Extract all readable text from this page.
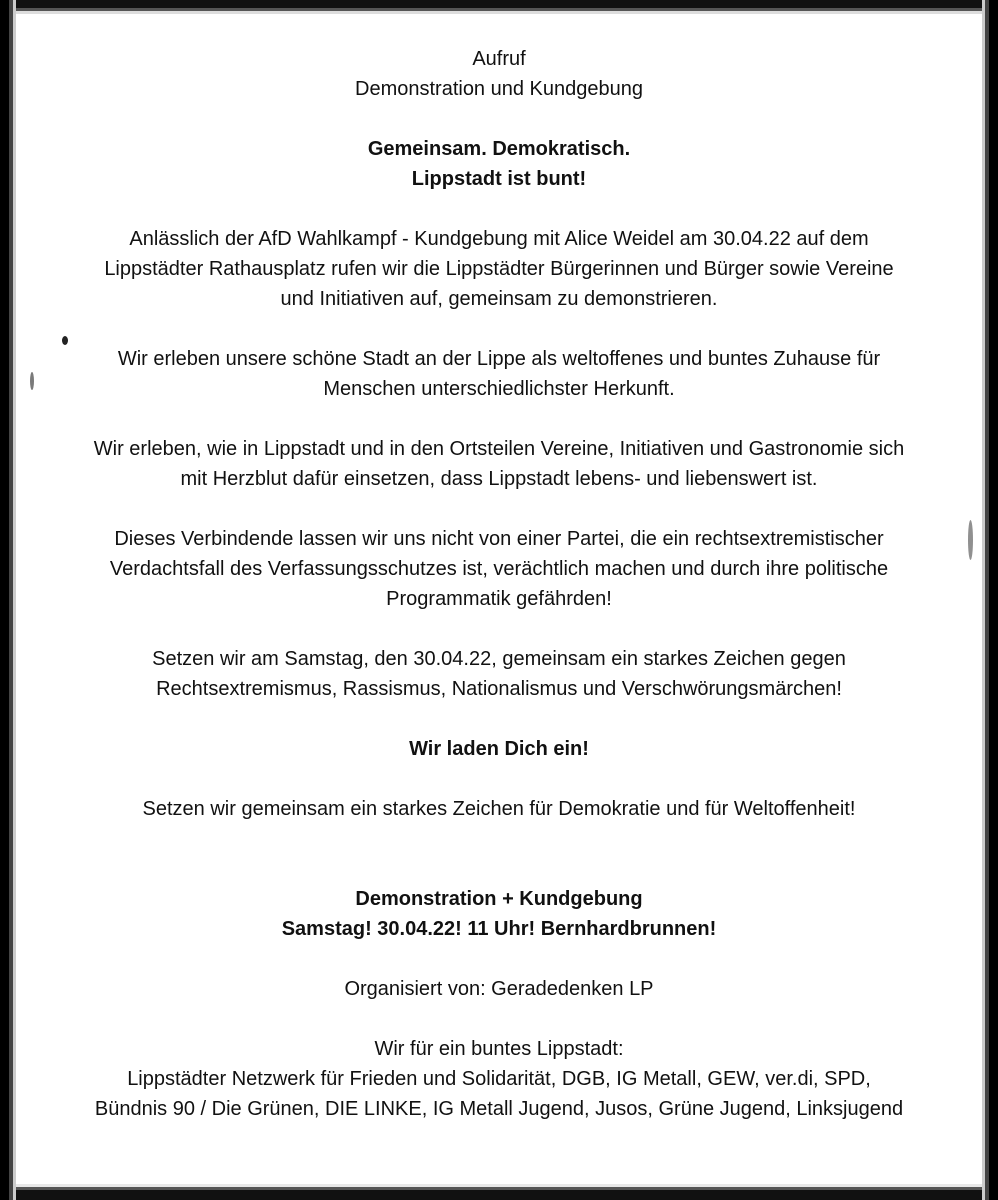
Aufruf

Demonstration und Kundgebung

Gemeinsam. Demokratisch.

Lippstadt ist bunt!

Anlässlich der AfD Wahlkampf - Kundgebung mit Alice Weidel am 30.04.22 auf dem

Lippstädter Rathausplatz rufen wir die Lippstädter Bürgerinnen und Bürger sowie Vereine

und Initiativen auf, gemeinsam zu demonstrieren.

Wir erleben unsere schöne Stadt an der Lippe als weltoffenes und buntes Zuhause für

Menschen unterschiedlichster Herkunft.

Wir erleben, wie in Lippstadt und in den Ortsteilen Vereine, Initiativen und Gastronomie sich

mit Herzblut dafür einsetzen, dass Lippstadt lebens- und liebenswert ist.

Dieses Verbindende lassen wir uns nicht von einer Partei, die ein rechtsextremistischer

Verdachtsfall des Verfassungsschutzes ist, verächtlich machen und durch ihre politische

Programmatik gefährden!

Setzen wir am Samstag, den 30.04.22, gemeinsam ein starkes Zeichen gegen

Rechtsextremismus, Rassismus, Nationalismus und Verschwörungsmärchen!

Wir laden Dich ein!

Setzen wir gemeinsam ein starkes Zeichen für Demokratie und für Weltoffenheit!

Demonstration + Kundgebung

Samstag! 30.04.22! 11 Uhr! Bernhardbrunnen!

Organisiert von: Geradedenken LP

Wir für ein buntes Lippstadt:

Lippstädter Netzwerk für Frieden und Solidarität, DGB, IG Metall, GEW, ver.di, SPD,

Bündnis 90 / Die Grünen, DIE LINKE, IG Metall Jugend, Jusos, Grüne Jugend, Linksjugend
